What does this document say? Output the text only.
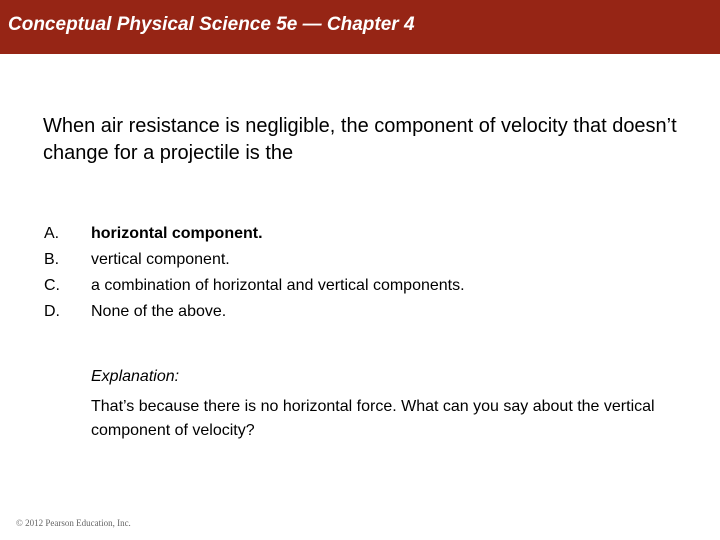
Conceptual Physical Science 5e — Chapter 4
When air resistance is negligible, the component of velocity that doesn’t change for a projectile is the
A. horizontal component.
B. vertical component.
C. a combination of horizontal and vertical components.
D. None of the above.
Explanation:
That’s because there is no horizontal force. What can you say about the vertical component of velocity?
© 2012 Pearson Education, Inc.
